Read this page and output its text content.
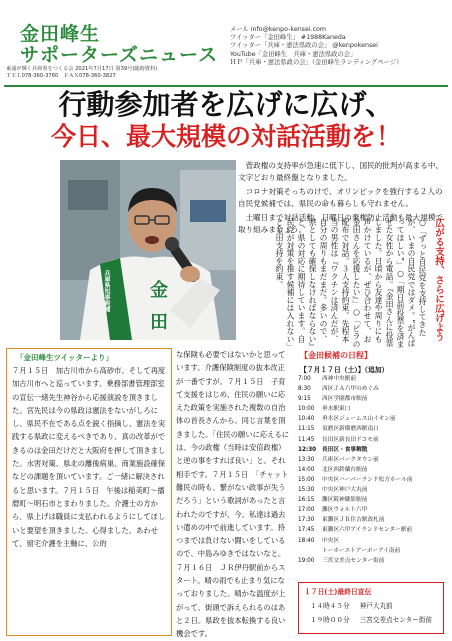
金田峰生
サポーターズニュース
東浦が輝く兵庫県をつくる会 2021年7月17日 第39号(臨時資料)
ＴＥＬ078-360-3760　ＦＡＸ078-360-3827
メール info@kenpo-kensei.com
ツイッター「金田峰生」 #1988Kaneda
ツイッター「兵庫・憲法県政の会」 @kenpokensei
YouTube「金田峰生　兵庫・憲法県政の会」
ＨＰ「兵庫・憲法県政の会」（金田峰生ランディングページ）
行動参加者を広げに広げ、
今日、最大規模の対話活動を！
兵庫県知事候補 金 田

菅政権の支持率が急速に低下し、国民的批判が高まる中、文字どおり最終盤となりました。

コロナ対策そっちのけで、オリンピックを強行する２人の自民党候補では、県民の命も暮らしも守れません。

土曜日まで対話活動、日曜日の棄権防止活動も最大規模で取り組みましょう。	広がる支持、さらに広げよう
○「ずっと自民党を支持してきたが、いまの自民党ではダメ。“がんばってほしい”」○「期日前投票を済ませた女性から電話。『金田さんに投票しました。日頃から友達や周りにも声かけているが、ぜひ合わせて、お金田さんを応援したい』」○「ビラの配布で対話。３人支持約束。先程本当の男性は『ワクチンは済んだが、自分の周りもまだまだ。多いので、県としても確保しなければならない』と、県の対応に期待しています。自民党が対策を推す候補には入れない」と金田支持を約束。
「金田峰生ツイッターより」
７月１５日　加古川市から高砂市、そして再度加古川市へと巡っています。乗務部書管理部室の宣伝一緒先生神谷から応援演説を頂きました。宮先民は今の県政は憲法をないがしろにし、県民不在である点を鋭く指摘し、憲法を実践する県政に変えるべきであり、真の改革ができるのは金田だけだと大阪府を押して頂きました。水害対策、県北の離後病巣、商業施設確保などの課題を頂いています。ご一緒に解決されると思います。７月１５日　午後は稲美町～播磨町～明石市とまわりました。介護士の方から、県上げは職員に支払われるようにしてほしいと要望を頂きました。心得ました。あわせて、留宅介護を主軸に、公的
な保険も必要ではないかと思っています。介護保険制度の抜本改正が一番ですが。７月１５日　子育て支援をはじめ、住民の願いに応えた政策を実施された複数の自治体の首長さんから、同じ言葉を頂きました。「住民の願いに応えるには、今の政権（当時は安倍政権）と逆の事をすれば良い」と。それ相手です。７月１５日　「チャット難民の時も、繋がない政事が失うだろう」という歌詞があったと言われたのですが、今、私達は過去い遣めの中で前進しています。持つまでは負けない闘いをしているので、中島みゆきではないなと。７月１６日　ＪＲ伊丹駅前からスタート。晴の雨でも止まり気になっておりました。晴かな温度が上がって、街頭で訴えられるのはあと２日。県政を抜本転換する良い機会です。
【金田候補の日程】
【７月１７日（土）】（追加）
7:00	西神中央駅前
8:30	西区ＪＡ六甲のめぐみ
9:15	西区学園都市駅前
10:00	垂水駅東口
10:40	垂水区ジェームス山イオン前
11:15	須磨区新横磨西駅南口
11:45	長田区新長田ドコモ前
12:30	長田区・食事解散
13:30	兵庫区パークタウン前
14:00	北区西鈴蘭台駅前
15:00	中央区ハーバーランド松方ホール前
15:30	中央区神戸大丸前
16:15	灘区阪神御影駅前
17:00	灘区ウォルト六甲
17:30	東灘区ＪＲ住吉駅改札前
17:45	東灘区六甲アイランドセンター駅前
18:40	中央区
	トーホーストアーポーアイ南前
19:00	三宮交差点センター街前
１７日(土)最終日宣伝
１４時４５分 神戸大丸前
１９時００分 三宮交差点センター街前
